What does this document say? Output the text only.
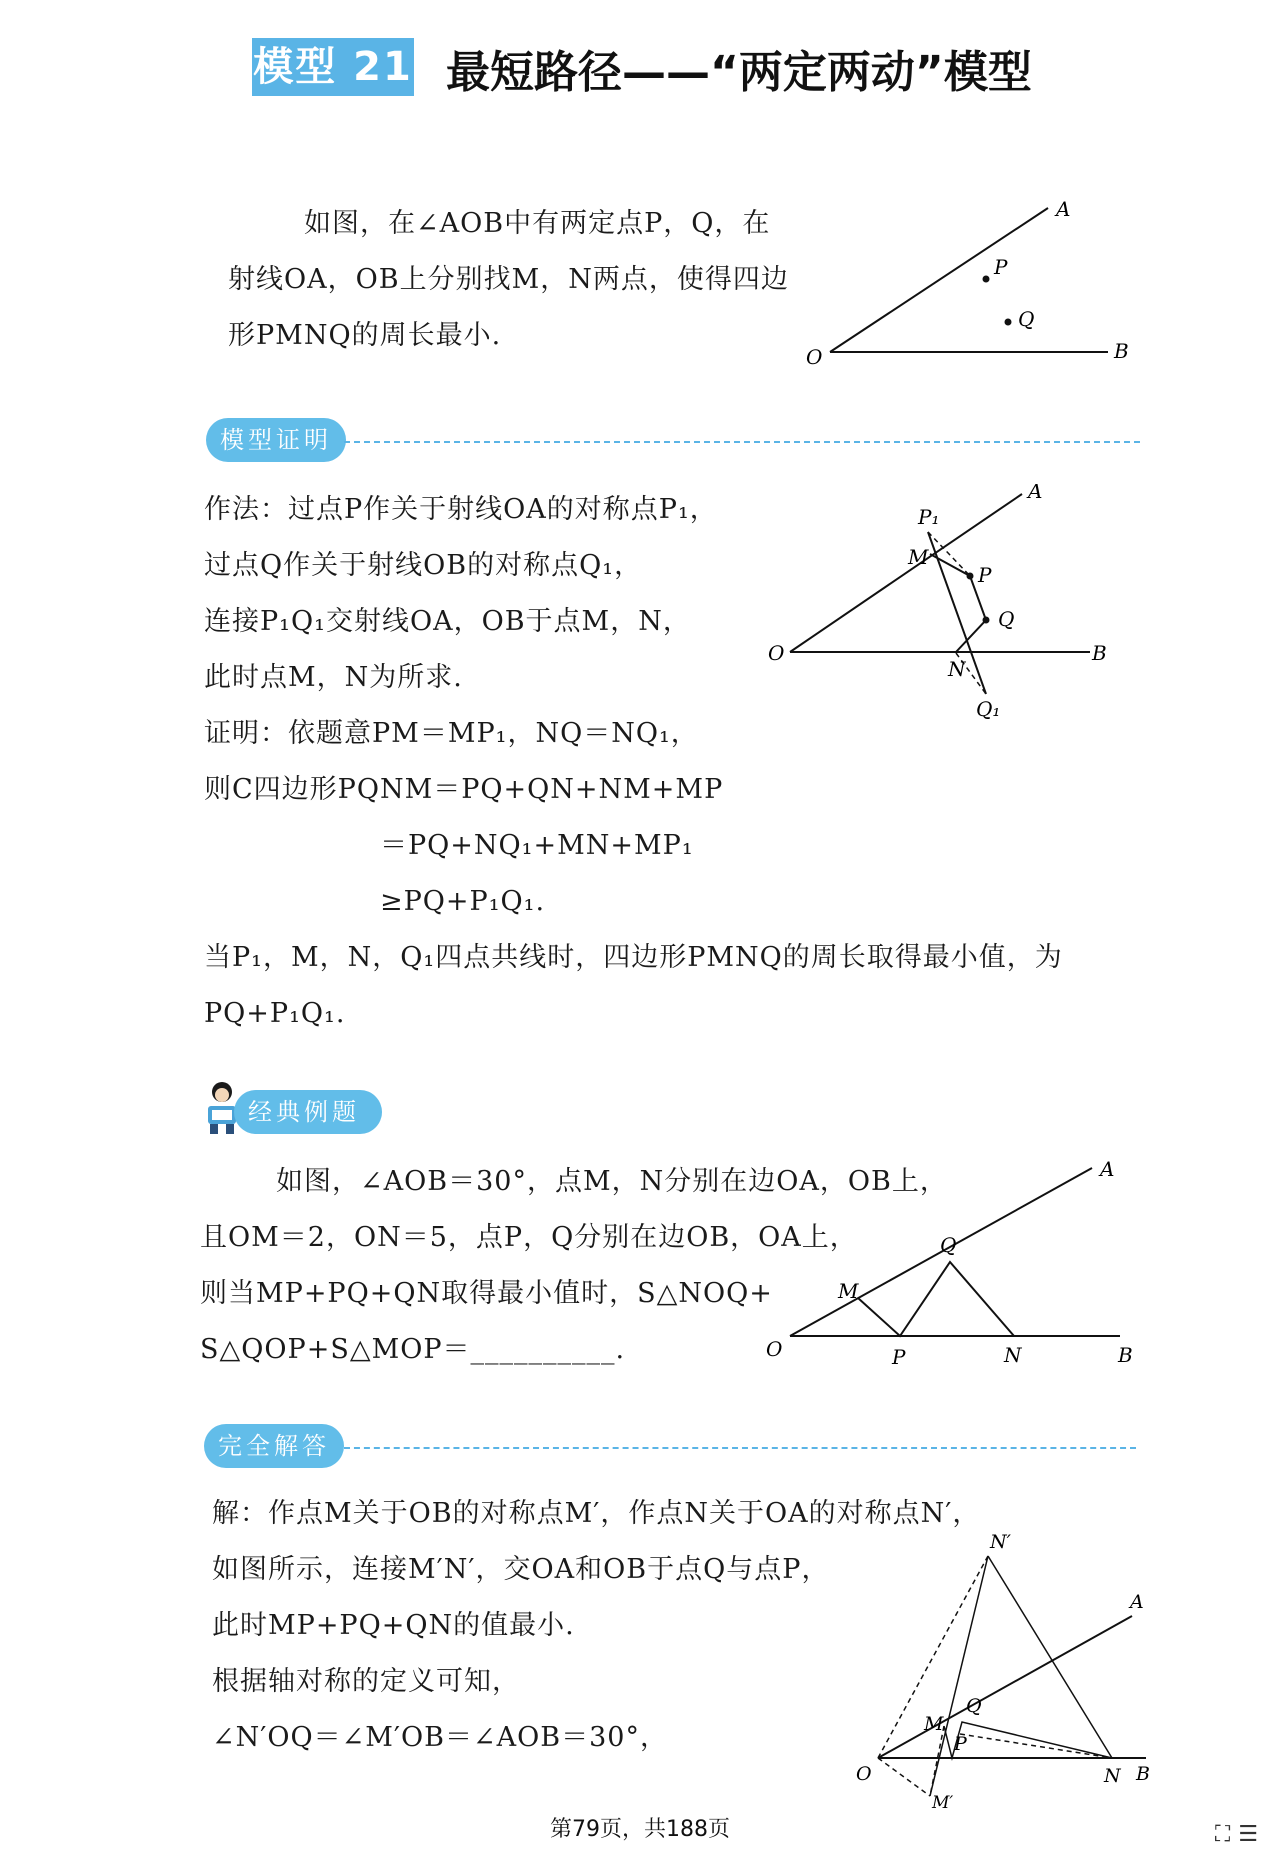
模型 21 最短路径——“两定两动”模型
如图，在∠AOB中有两定点P，Q，在
射线OA，OB上分别找M，N两点，使得四边
形PMNQ的周长最小.
A
P
Q
O	B
模型证明
作法：过点P作关于射线OA的对称点P₁，
过点Q作关于射线OB的对称点Q₁，
连接P₁Q₁交射线OA，OB于点M，N，
此时点M，N为所求.
证明：依题意PM＝MP₁，NQ＝NQ₁，
则C四边形PQNM＝PQ+QN+NM+MP
＝PQ+NQ₁+MN+MP₁
≥PQ+P₁Q₁.
当P₁，M，N，Q₁四点共线时，四边形PMNQ的周长取得最小值，为
PQ+P₁Q₁.
P₁
A
M
P
Q
O
N
B
Q₁
经典例题
如图，∠AOB＝30°，点M，N分别在边OA，OB上，
且OM＝2，ON＝5，点P，Q分别在边OB，OA上，
则当MP+PQ+QN取得最小值时，S△NOQ+
S△QOP+S△MOP＝__________.
A
Q
M
O	P	N	B
完全解答
解：作点M关于OB的对称点M′，作点N关于OA的对称点N′，
如图所示，连接M′N′，交OA和OB于点Q与点P，
此时MP+PQ+QN的值最小.
根据轴对称的定义可知，
∠N′OQ＝∠M′OB＝∠AOB＝30°，
N′
A
Q
M
P
O	N B
M′
第79页，共188页	⛶☰
